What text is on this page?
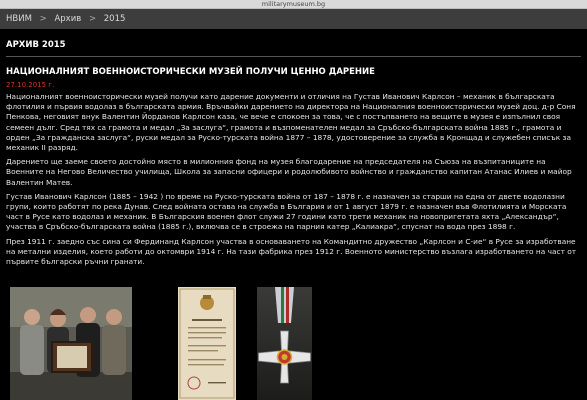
militarymuseum.bg
НВИМ > Архив > 2015
АРХИВ 2015
НАЦИОНАЛНИЯТ ВОЕННОИСТОРИЧЕСКИ МУЗЕЙ ПОЛУЧИ ЦЕННО ДАРЕНИЕ
27.10.2015 г.

Националният военноисторически музей получи като дарение документи и отличия на Густав Иванович Карлсон – механик в българската флотилия и първия водолаз в българската армия. Връчвайки дарението на директора на Националния военноисторически музей доц. д-р Соня Пенкова, неговият внук Валентин Йорданов Карлсон каза, че вече е спокоен за това, че с постъпването на вещите в музея е изпълнил своя семеен дълг. Сред тях са грамота и медал „За заслуга“, грамота и възпоменателен медал за Сръбско-българската война 1885 г., грамота и орден „За гражданска заслуга“, руски медал за Руско-турската война 1877 – 1878, удостоверение за служба в Кронщад и служебен списък за механик II разряд.

Дарението ще заеме своето достойно място в милионния фонд на музея благодарение на председателя на Съюза на възпитаниците на Военните на Негово Величество училища, Школа за запасни офицери и родолюбивото войнство и гражданство капитан Атанас Илиев и майор Валентин Матев.

Густав Иванович Карлсон (1885 – 1942 ) по време на Руско-турската война от 187 – 1878 г. е назначен за старши на една от двете водолазни групи, които работят по река Дунав. След войната остава на служба в България и от 1 август 1879 г. е назначен във Флотилията и Морската част в Русе като водолаз и механик. В Българския военен флот служи 27 години като трети механик на новопригетата яхта „Александър“, участва в Сръбско-българската война (1885 г.), включва се в строежа на парния катер „Калиакра“, спуснат на вода през 1898 г.

През 1911 г. заедно със сина си Фердинанд Карлсон участва в основаването на Командитно дружество „Карлсон и С-ие“ в Русе за изработване на метални изделия, което работи до октомври 1914 г. На тази фабрика през 1912 г. Военното министерство възлага изработването на част от първите български ръчни гранати.
